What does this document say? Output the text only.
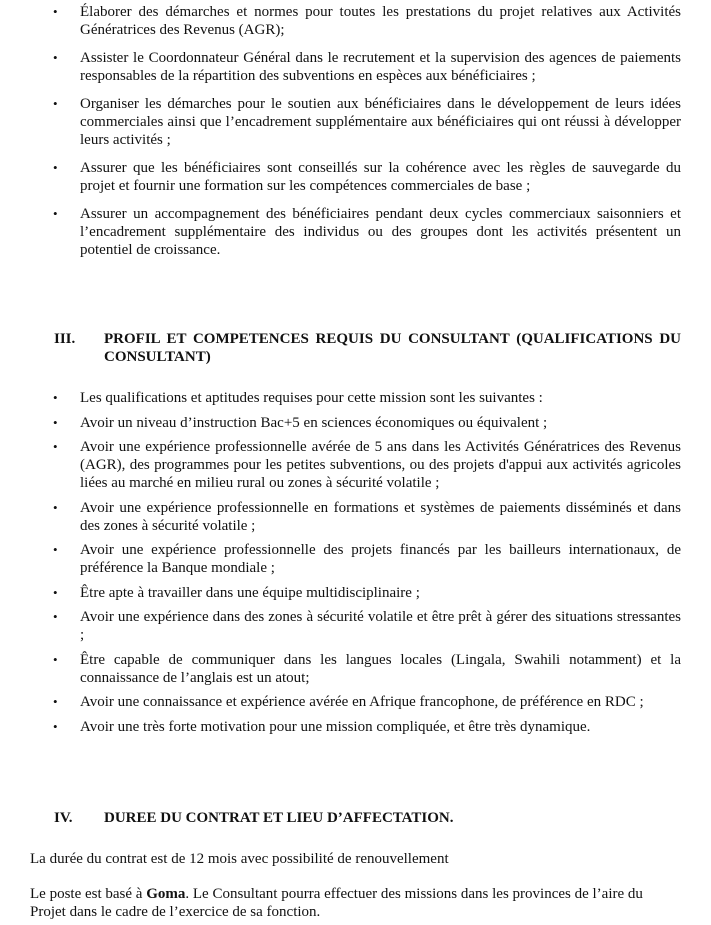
•	Élaborer des démarches et normes pour toutes les prestations du projet relatives aux Activités Génératrices des Revenus (AGR);
•	Assister le Coordonnateur Général dans le recrutement et la supervision des agences de paiements responsables de la répartition des subventions en espèces aux bénéficiaires ;
•	Organiser les démarches pour le soutien aux bénéficiaires dans le développement de leurs idées commerciales ainsi que l’encadrement supplémentaire aux bénéficiaires qui ont réussi à développer leurs activités ;
•	Assurer que les bénéficiaires sont conseillés sur la cohérence avec les règles de sauvegarde du projet et fournir une formation sur les compétences commerciales de base ;
•	Assurer un accompagnement des bénéficiaires pendant deux cycles commerciaux saisonniers et l’encadrement supplémentaire des individus ou des groupes dont les activités présentent un potentiel de croissance.
III.	PROFIL ET COMPETENCES REQUIS DU CONSULTANT (QUALIFICATIONS DU CONSULTANT)
•	Les qualifications et aptitudes requises pour cette mission sont les suivantes :
•	Avoir un niveau d’instruction Bac+5 en sciences économiques ou équivalent ;
•	Avoir une expérience professionnelle avérée de 5 ans dans les Activités Génératrices des Revenus (AGR), des programmes pour les petites subventions, ou des projets d'appui aux activités agricoles liées au marché en milieu rural ou zones à sécurité volatile ;
•	Avoir une expérience professionnelle en formations et systèmes de paiements disséminés et dans des zones à sécurité volatile ;
•	Avoir une expérience professionnelle des projets financés par les bailleurs internationaux, de préférence la Banque mondiale ;
•	Être apte à travailler dans une équipe multidisciplinaire ;
•	Avoir une expérience dans des zones à sécurité volatile et être prêt à gérer des situations stressantes ;
•	Être capable de communiquer dans les langues locales (Lingala, Swahili notamment) et la connaissance de l’anglais est un atout;
•	Avoir une connaissance et expérience avérée en Afrique francophone, de préférence en RDC ;
•	Avoir une très forte motivation pour une mission compliquée, et être très dynamique.
IV.	DUREE DU CONTRAT ET LIEU D’AFFECTATION.
La durée du contrat est de 12 mois avec possibilité de renouvellement
Le poste est basé à Goma. Le Consultant pourra effectuer des missions dans les provinces de l’aire du Projet dans le cadre de l’exercice de sa fonction.
